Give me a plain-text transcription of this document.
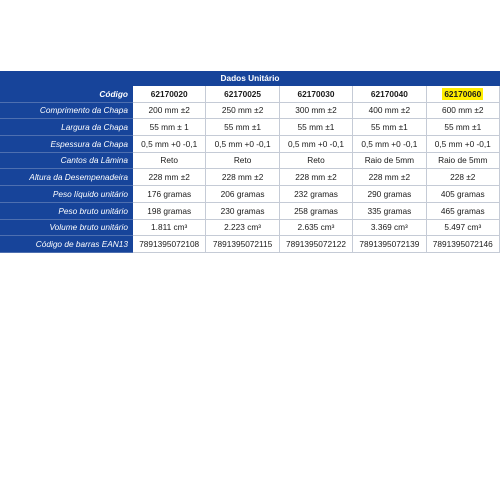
Dados Unitário					
Código	62170020	62170025	62170030	62170040	62170060
Comprimento da Chapa	200 mm ±2	250 mm ±2	300 mm ±2	400 mm ±2	600 mm ±2
Largura da Chapa	55 mm ± 1	55 mm ±1	55 mm ±1	55 mm ±1	55 mm ±1
Espessura da Chapa	0,5 mm +0 -0,1	0,5 mm +0 -0,1	0,5 mm +0 -0,1	0,5 mm +0 -0,1	0,5 mm +0 -0,1
Cantos da Lâmina	Reto	Reto	Reto	Raio de 5mm	Raio de 5mm
Altura da Desempenadeira	228 mm ±2	228 mm ±2	228 mm ±2	228 mm ±2	228 ±2
Peso líquido unitário	176 gramas	206 gramas	232 gramas	290 gramas	405 gramas
Peso bruto unitário	198 gramas	230 gramas	258 gramas	335 gramas	465 gramas
Volume bruto unitário	1.811 cm³	2.223 cm³	2.635 cm³	3.369 cm³	5.497 cm³
Código de barras EAN13	7891395072108	7891395072115	7891395072122	7891395072139	7891395072146
